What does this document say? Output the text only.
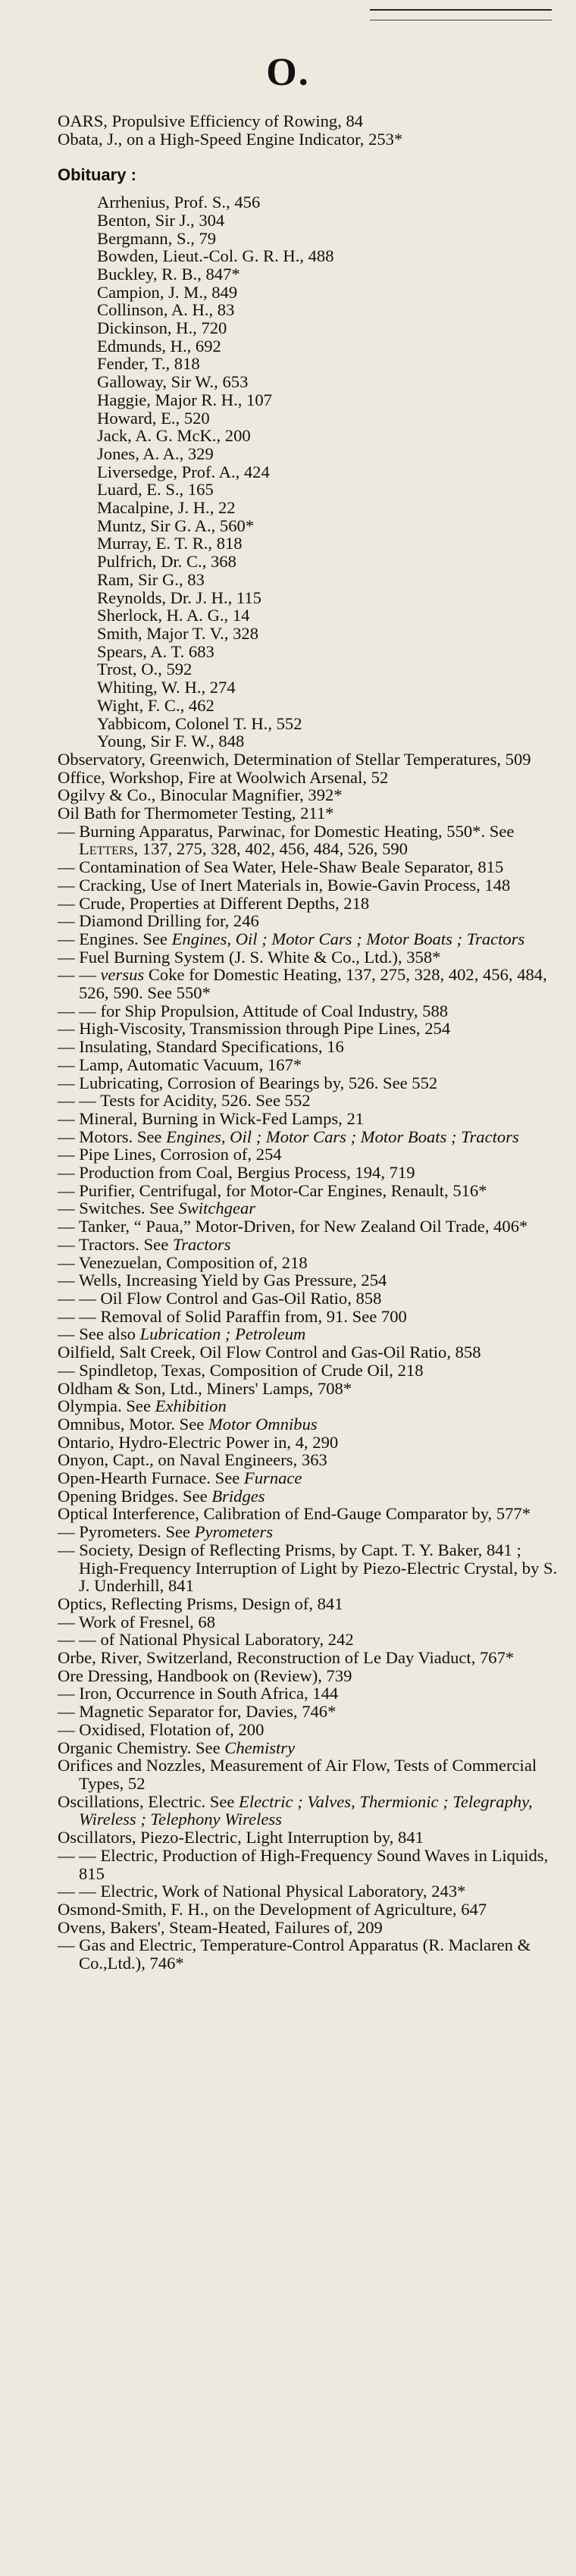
O.
OARS, Propulsive Efficiency of Rowing, 84
Obata, J., on a High-Speed Engine Indicator, 253*
Obituary :
Arrhenius, Prof. S., 456
Benton, Sir J., 304
Bergmann, S., 79
Bowden, Lieut.-Col. G. R. H., 488
Buckley, R. B., 847*
Campion, J. M., 849
Collinson, A. H., 83
Dickinson, H., 720
Edmunds, H., 692
Fender, T., 818
Galloway, Sir W., 653
Haggie, Major R. H., 107
Howard, E., 520
Jack, A. G. McK., 200
Jones, A. A., 329
Liversedge, Prof. A., 424
Luard, E. S., 165
Macalpine, J. H., 22
Muntz, Sir G. A., 560*
Murray, E. T. R., 818
Pulfrich, Dr. C., 368
Ram, Sir G., 83
Reynolds, Dr. J. H., 115
Sherlock, H. A. G., 14
Smith, Major T. V., 328
Spears, A. T. 683
Trost, O., 592
Whiting, W. H., 274
Wight, F. C., 462
Yabbicom, Colonel T. H., 552
Young, Sir F. W., 848
Observatory, Greenwich, Determination of Stellar Temperatures, 509
Office, Workshop, Fire at Woolwich Arsenal, 52
Ogilvy & Co., Binocular Magnifier, 392*
Oil Bath for Thermometer Testing, 211*
— Burning Apparatus, Parwinac, for Domestic Heating, 550*. See Letters, 137, 275, 328, 402, 456, 484, 526, 590
— Contamination of Sea Water, Hele-Shaw Beale Separator, 815
— Cracking, Use of Inert Materials in, Bowie-Gavin Process, 148
— Crude, Properties at Different Depths, 218
— Diamond Drilling for, 246
— Engines. See Engines, Oil ; Motor Cars ; Motor Boats ; Tractors
— Fuel Burning System (J. S. White & Co., Ltd.), 358*
— — versus Coke for Domestic Heating, 137, 275, 328, 402, 456, 484, 526, 590. See 550*
— — for Ship Propulsion, Attitude of Coal Industry, 588
— High-Viscosity, Transmission through Pipe Lines, 254
— Insulating, Standard Specifications, 16
— Lamp, Automatic Vacuum, 167*
— Lubricating, Corrosion of Bearings by, 526. See 552
— — Tests for Acidity, 526. See 552
— Mineral, Burning in Wick-Fed Lamps, 21
— Motors. See Engines, Oil ; Motor Cars ; Motor Boats ; Tractors
— Pipe Lines, Corrosion of, 254
— Production from Coal, Bergius Process, 194, 719
— Purifier, Centrifugal, for Motor-Car Engines, Renault, 516*
— Switches. See Switchgear
— Tanker, “ Paua,” Motor-Driven, for New Zealand Oil Trade, 406*
— Tractors. See Tractors
— Venezuelan, Composition of, 218
— Wells, Increasing Yield by Gas Pressure, 254
— — Oil Flow Control and Gas-Oil Ratio, 858
— — Removal of Solid Paraffin from, 91. See 700
— See also Lubrication ; Petroleum
Oilfield, Salt Creek, Oil Flow Control and Gas-Oil Ratio, 858
— Spindletop, Texas, Composition of Crude Oil, 218
Oldham & Son, Ltd., Miners' Lamps, 708*
Olympia. See Exhibition
Omnibus, Motor. See Motor Omnibus
Ontario, Hydro-Electric Power in, 4, 290
Onyon, Capt., on Naval Engineers, 363
Open-Hearth Furnace. See Furnace
Opening Bridges. See Bridges
Optical Interference, Calibration of End-Gauge Comparator by, 577*
— Pyrometers. See Pyrometers
— Society, Design of Reflecting Prisms, by Capt. T. Y. Baker, 841 ; High-Frequency Interruption of Light by Piezo-Electric Crystal, by S. J. Underhill, 841
Optics, Reflecting Prisms, Design of, 841
— Work of Fresnel, 68
— — of National Physical Laboratory, 242
Orbe, River, Switzerland, Reconstruction of Le Day Viaduct, 767*
Ore Dressing, Handbook on (Review), 739
— Iron, Occurrence in South Africa, 144
— Magnetic Separator for, Davies, 746*
— Oxidised, Flotation of, 200
Organic Chemistry. See Chemistry
Orifices and Nozzles, Measurement of Air Flow, Tests of Commercial Types, 52
Oscillations, Electric. See Electric ; Valves, Thermionic ; Telegraphy, Wireless ; Telephony Wireless
Oscillators, Piezo-Electric, Light Interruption by, 841
— — Electric, Production of High-Frequency Sound Waves in Liquids, 815
— — Electric, Work of National Physical Laboratory, 243*
Osmond-Smith, F. H., on the Development of Agriculture, 647
Ovens, Bakers', Steam-Heated, Failures of, 209
— Gas and Electric, Temperature-Control Apparatus (R. Maclaren & Co.,Ltd.), 746*
